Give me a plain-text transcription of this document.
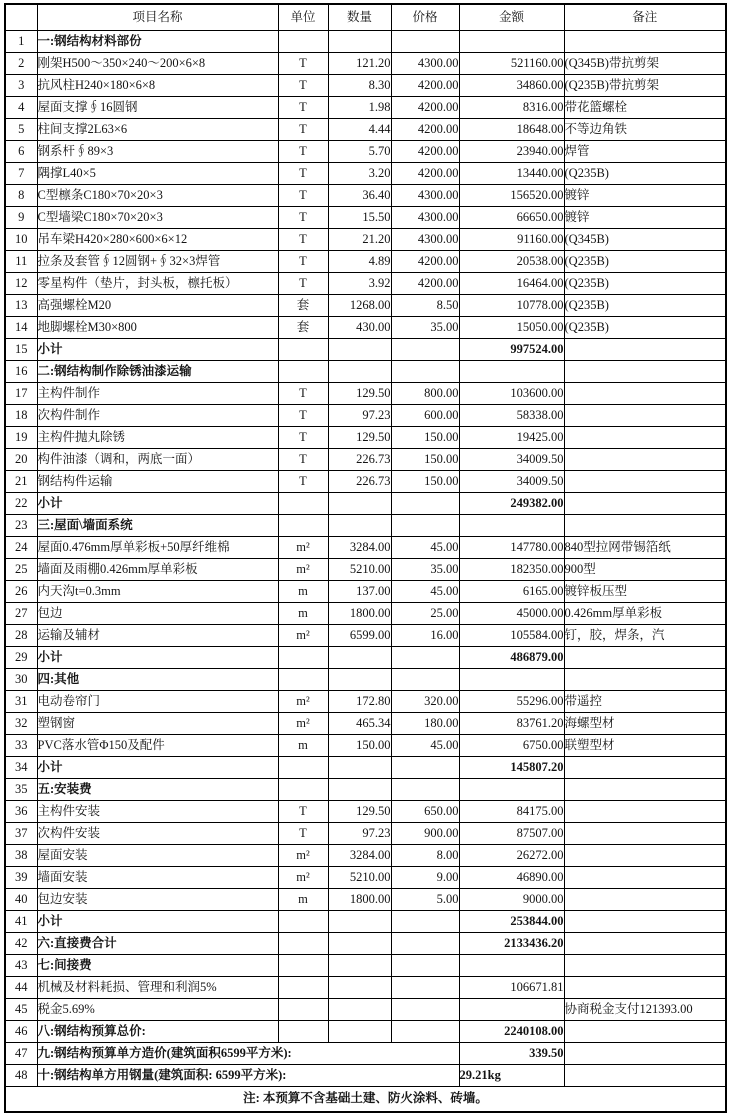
	项目名称	单位	数量	价格	金额	备注
1	一:钢结构材料部份					
2	刚架H500～350×240～200×6×8	T	121.20	4300.00	521160.00	(Q345B)带抗剪架
3	抗风柱H240×180×6×8	T	8.30	4200.00	34860.00	(Q235B)带抗剪架
4	屋面支撑∮16圆钢	T	1.98	4200.00	8316.00	带花篮螺栓
5	柱间支撑2L63×6	T	4.44	4200.00	18648.00	不等边角铁
6	钢系杆∮89×3	T	5.70	4200.00	23940.00	焊管
7	隅撑L40×5	T	3.20	4200.00	13440.00	(Q235B)
8	C型檩条C180×70×20×3	T	36.40	4300.00	156520.00	镀锌
9	C型墙梁C180×70×20×3	T	15.50	4300.00	66650.00	镀锌
10	吊车梁H420×280×600×6×12	T	21.20	4300.00	91160.00	(Q345B)
11	拉条及套管∮12圆钢+∮32×3焊管	T	4.89	4200.00	20538.00	(Q235B)
12	零星构件（垫片，封头板，檩托板）	T	3.92	4200.00	16464.00	(Q235B)
13	高强螺栓M20	套	1268.00	8.50	10778.00	(Q235B)
14	地脚螺栓M30×800	套	430.00	35.00	15050.00	(Q235B)
15	小计				997524.00	
16	二:钢结构制作除锈油漆运输					
17	主构件制作	T	129.50	800.00	103600.00	
18	次构件制作	T	97.23	600.00	58338.00	
19	主构件抛丸除锈	T	129.50	150.00	19425.00	
20	构件油漆（调和，两底一面）	T	226.73	150.00	34009.50	
21	钢结构件运输	T	226.73	150.00	34009.50	
22	小计				249382.00	
23	三:屋面\墙面系统					
24	屋面0.476mm厚单彩板+50厚纤维棉	m²	3284.00	45.00	147780.00	840型拉网带锡箔纸
25	墙面及雨棚0.426mm厚单彩板	m²	5210.00	35.00	182350.00	900型
26	内天沟t=0.3mm	m	137.00	45.00	6165.00	镀锌板压型
27	包边	m	1800.00	25.00	45000.00	0.426mm厚单彩板
28	运输及辅材	m²	6599.00	16.00	105584.00	钉，胶，焊条，汽
29	小计				486879.00	
30	四:其他					
31	电动卷帘门	m²	172.80	320.00	55296.00	带遥控
32	塑钢窗	m²	465.34	180.00	83761.20	海螺型材
33	PVC落水管Φ150及配件	m	150.00	45.00	6750.00	联塑型材
34	小计				145807.20	
35	五:安装费					
36	主构件安装	T	129.50	650.00	84175.00	
37	次构件安装	T	97.23	900.00	87507.00	
38	屋面安装	m²	3284.00	8.00	26272.00	
39	墙面安装	m²	5210.00	9.00	46890.00	
40	包边安装	m	1800.00	5.00	9000.00	
41	小计				253844.00	
42	六:直接费合计				2133436.20	
43	七:间接费					
44	机械及材料耗损、管理和利润5%				106671.81	
45	税金5.69%					协商税金支付121393.00
46	八:钢结构预算总价:				2240108.00	
47	九:钢结构预算单方造价(建筑面积6599平方米):				339.50	
48	十:钢结构单方用钢量(建筑面积: 6599平方米):				29.21kg	
注: 本预算不含基础土建、防火涂料、砖墙。						
